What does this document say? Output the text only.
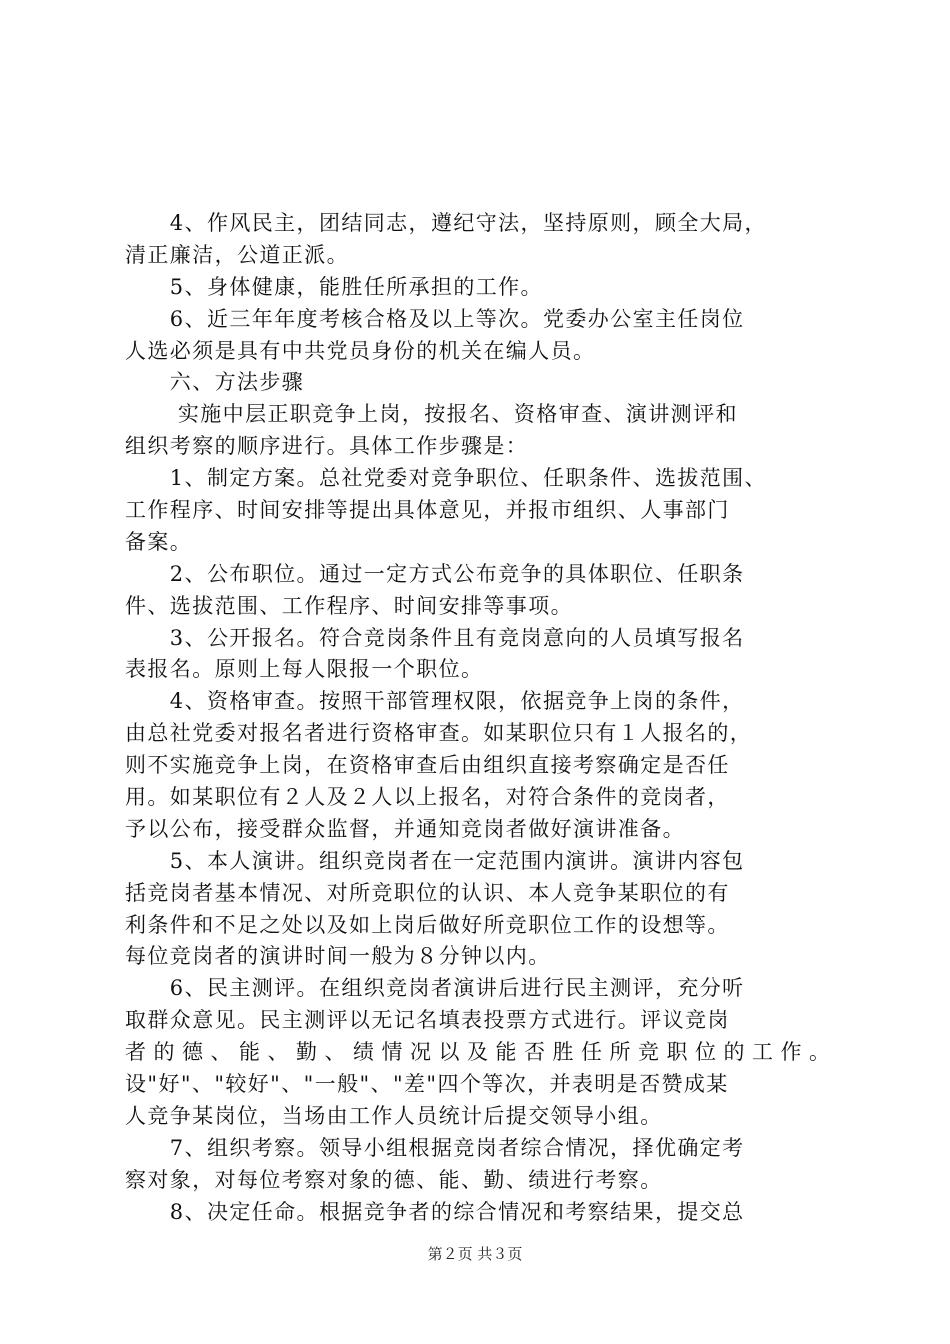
　　4、作风民主，团结同志，遵纪守法，坚持原则，顾全大局，
清正廉洁，公道正派。
　　5、身体健康，能胜任所承担的工作。
　　6、近三年年度考核合格及以上等次。党委办公室主任岗位
人选必须是具有中共党员身份的机关在编人员。
　　六、方法步骤
　　 实施中层正职竞争上岗，按报名、资格审查、演讲测评和
组织考察的顺序进行。具体工作步骤是：
　　1、制定方案。总社党委对竞争职位、任职条件、选拔范围、
工作程序、时间安排等提出具体意见，并报市组织、人事部门
备案。
　　2、公布职位。通过一定方式公布竞争的具体职位、任职条
件、选拔范围、工作程序、时间安排等事项。
　　3、公开报名。符合竞岗条件且有竞岗意向的人员填写报名
表报名。原则上每人限报一个职位。
　　4、资格审查。按照干部管理权限，依据竞争上岗的条件，
由总社党委对报名者进行资格审查。如某职位只有１人报名的，
则不实施竞争上岗，在资格审查后由组织直接考察确定是否任
用。如某职位有２人及２人以上报名，对符合条件的竞岗者，
予以公布，接受群众监督，并通知竞岗者做好演讲准备。
　　5、本人演讲。组织竞岗者在一定范围内演讲。演讲内容包
括竞岗者基本情况、对所竞职位的认识、本人竞争某职位的有
利条件和不足之处以及如上岗后做好所竞职位工作的设想等。
每位竞岗者的演讲时间一般为８分钟以内。
　　6、民主测评。在组织竞岗者演讲后进行民主测评，充分听
取群众意见。民主测评以无记名填表投票方式进行。评议竞岗
者的德、能、勤、绩情况以及能否胜任所竞职位的工作。
设"好"、"较好"、"一般"、"差"四个等次，并表明是否赞成某
人竞争某岗位，当场由工作人员统计后提交领导小组。
　　7、组织考察。领导小组根据竞岗者综合情况，择优确定考
察对象，对每位考察对象的德、能、勤、绩进行考察。
　　8、决定任命。根据竞争者的综合情况和考察结果，提交总
第２页 共３页
